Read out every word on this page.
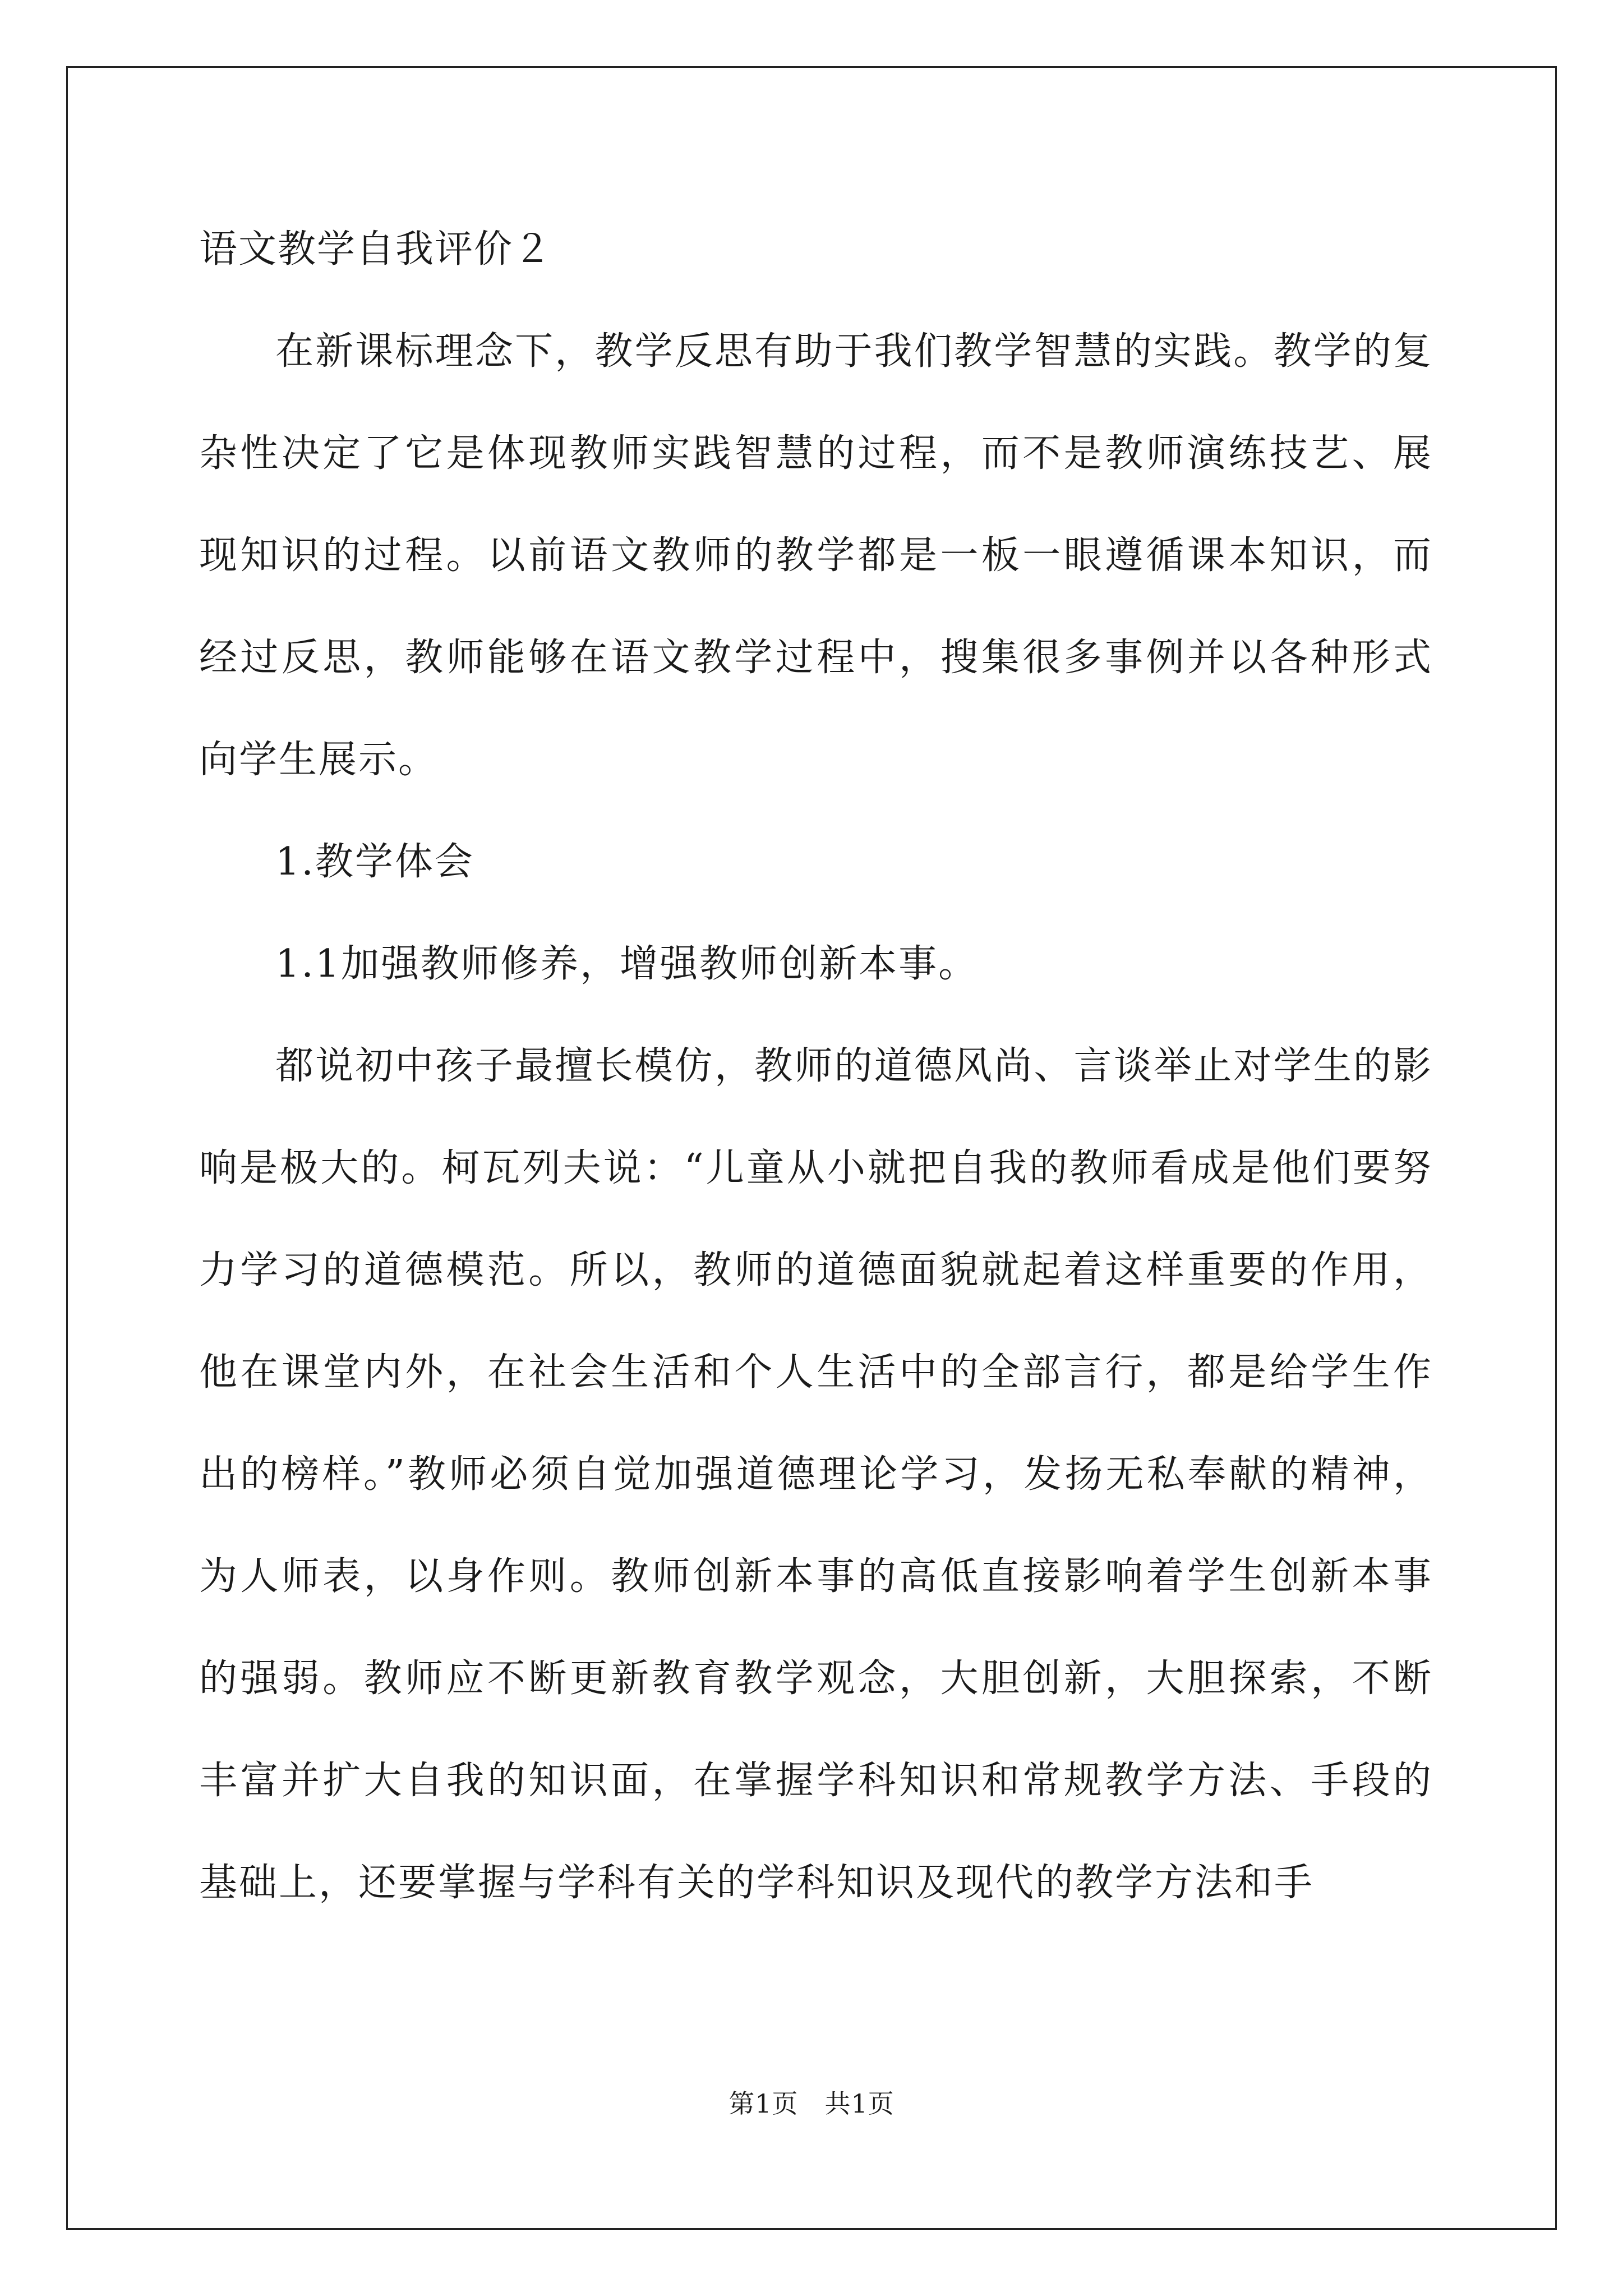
语文教学自我评价２

在新课标理念下，教学反思有助于我们教学智慧的实践。教学的复杂性决定了它是体现教师实践智慧的过程，而不是教师演练技艺、展现知识的过程。以前语文教师的教学都是一板一眼遵循课本知识，而经过反思，教师能够在语文教学过程中，搜集很多事例并以各种形式向学生展示。

1.教学体会

1.1加强教师修养，增强教师创新本事。

都说初中孩子最擅长模仿，教师的道德风尚、言谈举止对学生的影响是极大的。柯瓦列夫说：“儿童从小就把自我的教师看成是他们要努力学习的道德模范。所以，教师的道德面貌就起着这样重要的作用，他在课堂内外，在社会生活和个人生活中的全部言行，都是给学生作出的榜样。”教师必须自觉加强道德理论学习，发扬无私奉献的精神，为人师表，以身作则。教师创新本事的高低直接影响着学生创新本事的强弱。教师应不断更新教育教学观念，大胆创新，大胆探索，不断丰富并扩大自我的知识面，在掌握学科知识和常规教学方法、手段的基础上，还要掌握与学科有关的学科知识及现代的教学方法和手

第1页　共1页
